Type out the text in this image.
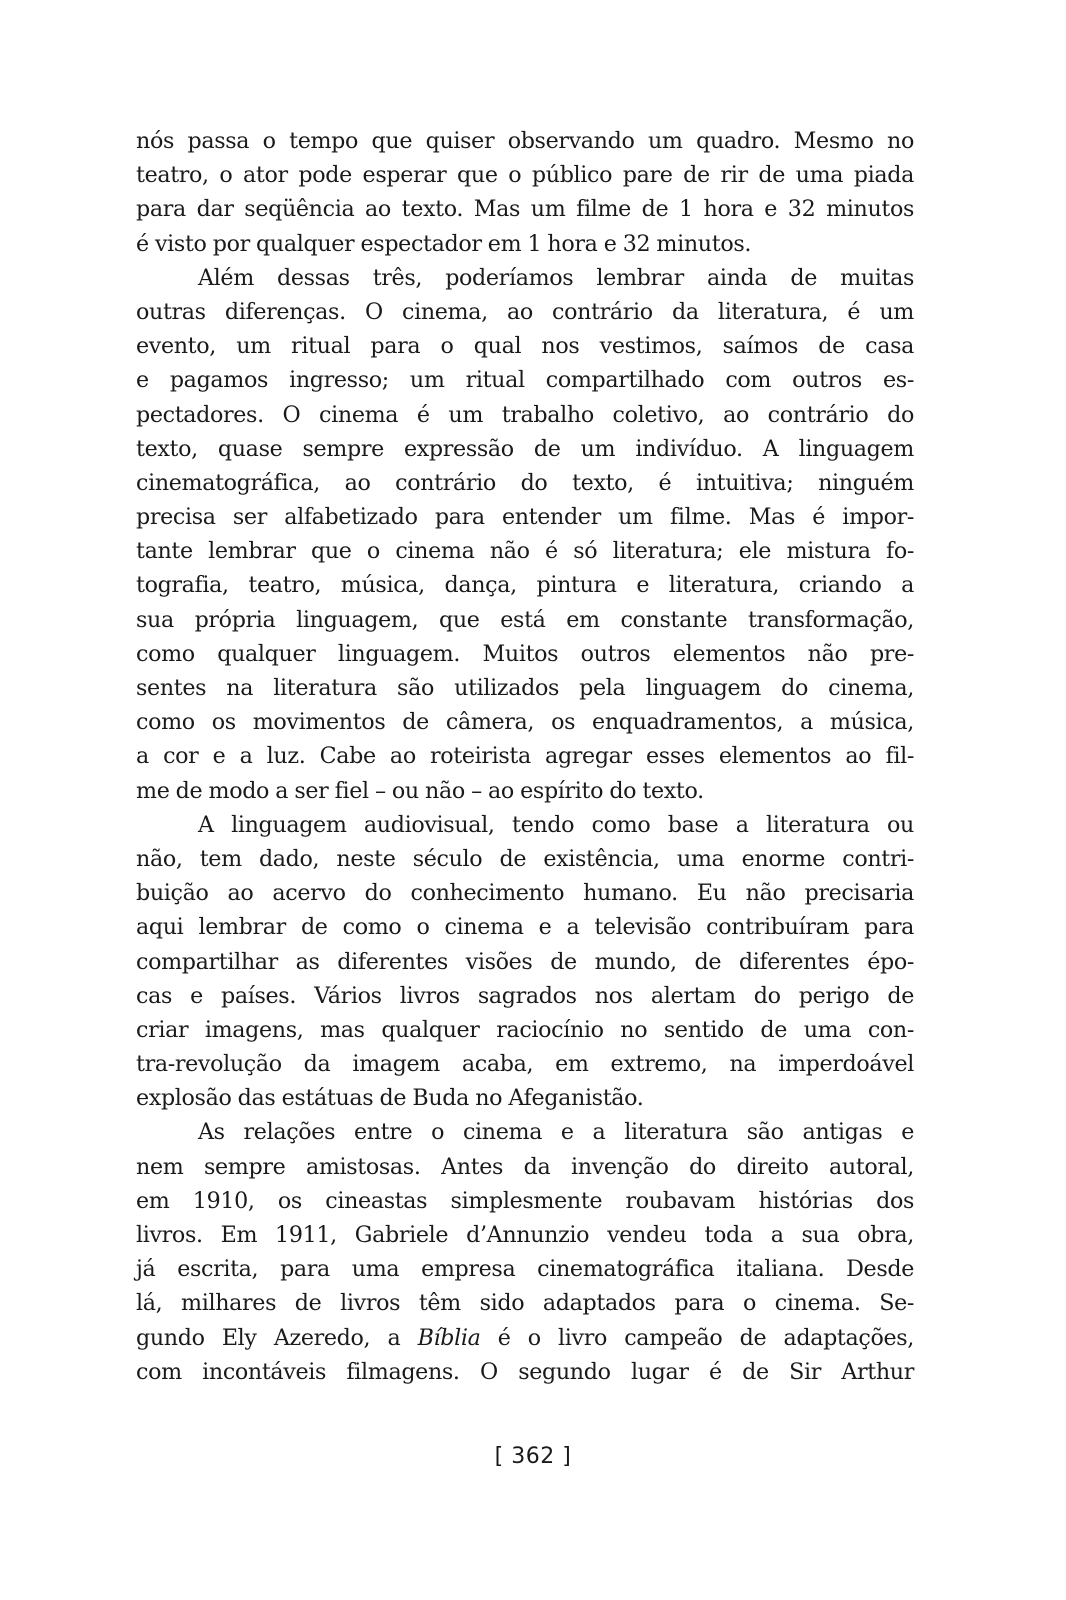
nós passa o tempo que quiser observando um quadro. Mesmo no
teatro, o ator pode esperar que o público pare de rir de uma piada
para dar seqüência ao texto. Mas um filme de 1 hora e 32 minutos
é visto por qualquer espectador em 1 hora e 32 minutos.
Além dessas três, poderíamos lembrar ainda de muitas
outras diferenças. O cinema, ao contrário da literatura, é um
evento, um ritual para o qual nos vestimos, saímos de casa
e pagamos ingresso; um ritual compartilhado com outros es-
pectadores. O cinema é um trabalho coletivo, ao contrário do
texto, quase sempre expressão de um indivíduo. A linguagem
cinematográfica, ao contrário do texto, é intuitiva; ninguém
precisa ser alfabetizado para entender um filme. Mas é impor-
tante lembrar que o cinema não é só literatura; ele mistura fo-
tografia, teatro, música, dança, pintura e literatura, criando a
sua própria linguagem, que está em constante transformação,
como qualquer linguagem. Muitos outros elementos não pre-
sentes na literatura são utilizados pela linguagem do cinema,
como os movimentos de câmera, os enquadramentos, a música,
a cor e a luz. Cabe ao roteirista agregar esses elementos ao fil-
me de modo a ser fiel – ou não – ao espírito do texto.
A linguagem audiovisual, tendo como base a literatura ou
não, tem dado, neste século de existência, uma enorme contri-
buição ao acervo do conhecimento humano. Eu não precisaria
aqui lembrar de como o cinema e a televisão contribuíram para
compartilhar as diferentes visões de mundo, de diferentes épo-
cas e países. Vários livros sagrados nos alertam do perigo de
criar imagens, mas qualquer raciocínio no sentido de uma con-
tra-revolução da imagem acaba, em extremo, na imperdoável
explosão das estátuas de Buda no Afeganistão.
As relações entre o cinema e a literatura são antigas e
nem sempre amistosas. Antes da invenção do direito autoral,
em 1910, os cineastas simplesmente roubavam histórias dos
livros. Em 1911, Gabriele d’Annunzio vendeu toda a sua obra,
já escrita, para uma empresa cinematográfica italiana. Desde
lá, milhares de livros têm sido adaptados para o cinema. Se-
gundo Ely Azeredo, a Bíblia é o livro campeão de adaptações,
com incontáveis filmagens. O segundo lugar é de Sir Arthur
[ 362 ]
